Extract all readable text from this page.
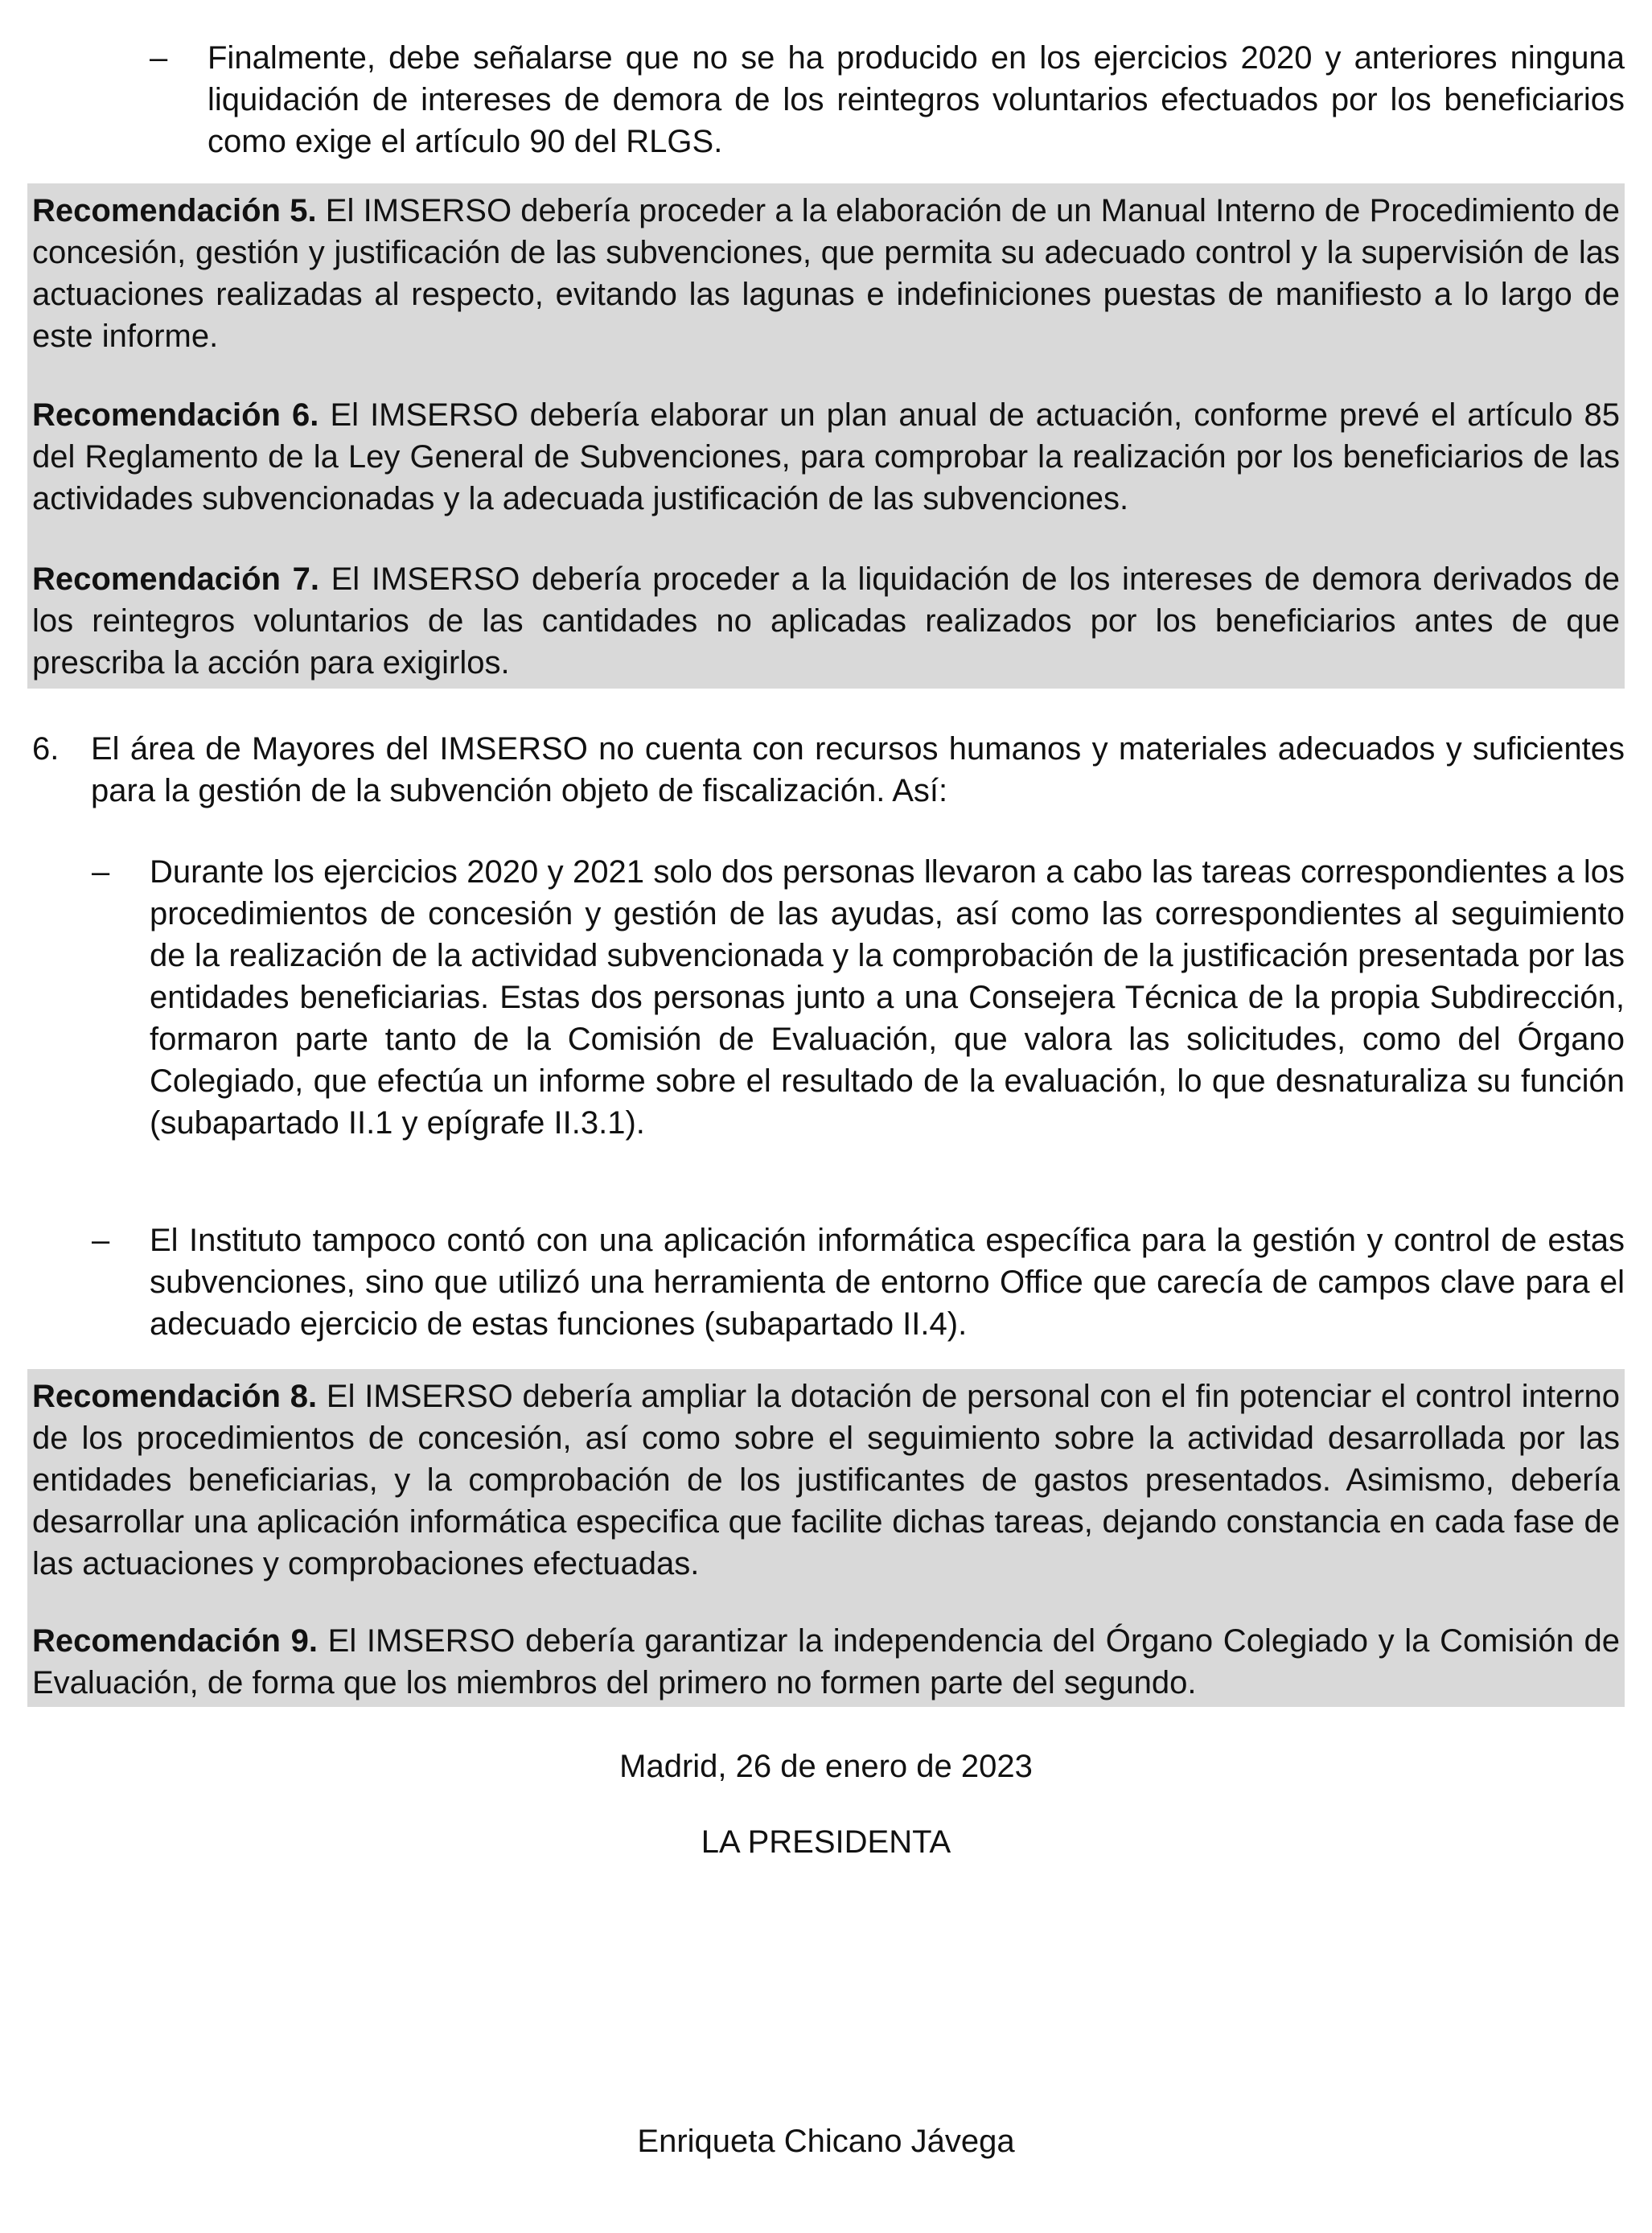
– Finalmente, debe señalarse que no se ha producido en los ejercicios 2020 y anteriores ninguna liquidación de intereses de demora de los reintegros voluntarios efectuados por los beneficiarios como exige el artículo 90 del RLGS.
Recomendación 5. El IMSERSO debería proceder a la elaboración de un Manual Interno de Procedimiento de concesión, gestión y justificación de las subvenciones, que permita su adecuado control y la supervisión de las actuaciones realizadas al respecto, evitando las lagunas e indefiniciones puestas de manifiesto a lo largo de este informe.
Recomendación 6. El IMSERSO debería elaborar un plan anual de actuación, conforme prevé el artículo 85 del Reglamento de la Ley General de Subvenciones, para comprobar la realización por los beneficiarios de las actividades subvencionadas y la adecuada justificación de las subvenciones.
Recomendación 7. El IMSERSO debería proceder a la liquidación de los intereses de demora derivados de los reintegros voluntarios de las cantidades no aplicadas realizados por los beneficiarios antes de que prescriba la acción para exigirlos.
6. El área de Mayores del IMSERSO no cuenta con recursos humanos y materiales adecuados y suficientes para la gestión de la subvención objeto de fiscalización. Así:
– Durante los ejercicios 2020 y 2021 solo dos personas llevaron a cabo las tareas correspondientes a los procedimientos de concesión y gestión de las ayudas, así como las correspondientes al seguimiento de la realización de la actividad subvencionada y la comprobación de la justificación presentada por las entidades beneficiarias. Estas dos personas junto a una Consejera Técnica de la propia Subdirección, formaron parte tanto de la Comisión de Evaluación, que valora las solicitudes, como del Órgano Colegiado, que efectúa un informe sobre el resultado de la evaluación, lo que desnaturaliza su función (subapartado II.1 y epígrafe II.3.1).
– El Instituto tampoco contó con una aplicación informática específica para la gestión y control de estas subvenciones, sino que utilizó una herramienta de entorno Office que carecía de campos clave para el adecuado ejercicio de estas funciones (subapartado II.4).
Recomendación 8. El IMSERSO debería ampliar la dotación de personal con el fin potenciar el control interno de los procedimientos de concesión, así como sobre el seguimiento sobre la actividad desarrollada por las entidades beneficiarias, y la comprobación de los justificantes de gastos presentados. Asimismo, debería desarrollar una aplicación informática especifica que facilite dichas tareas, dejando constancia en cada fase de las actuaciones y comprobaciones efectuadas.
Recomendación 9. El IMSERSO debería garantizar la independencia del Órgano Colegiado y la Comisión de Evaluación, de forma que los miembros del primero no formen parte del segundo.
Madrid, 26 de enero de 2023
LA PRESIDENTA
Enriqueta Chicano Jávega
